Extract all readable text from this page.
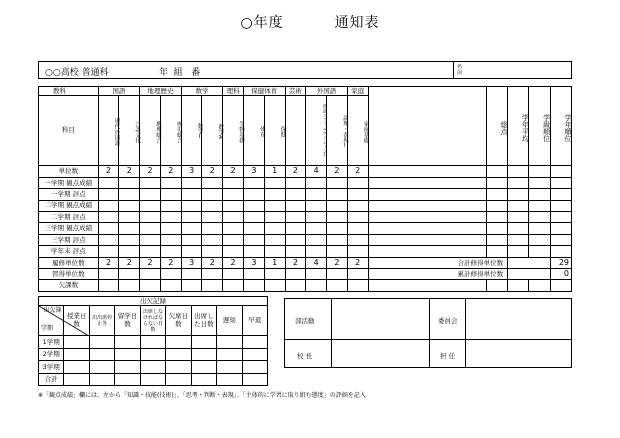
○年度	通知表
○○高校 普通科	年  組   番
名前
教科	国語		地理歴史		数学		理科	保健体育		芸術	外国語		家庭		総点	学年平均	学級順位	学年順位
科目	現代の国語	言語文化	地理総合	歴史総合	数学Ⅰ	数学A	生物基礎	体育	保健		英語コミュニケーションⅠ	論理・表現Ⅰ	家庭基礎					
単位数	2	2	2	2	3	2	2	3	1	2	4	2	2					
一学期 観点成績																		
一学期 評点																		
二学期 観点成績																		
二学期 評点																		
三学期 観点成績																		
三学期 評点																		
学年末 評点																		
履修単位数	2	2	2	2	3	2	2	3	1	2	4	2	2	合計修得単位数				29
習得単位数														累計修得単位数				0
欠課数																		
出欠記録								

出欠簿
学期	授業日数	出出席停止等	留学日数	出席しなければならない日数	欠席日数	出席した日数	遅刻	早退
1学期								
2学期								
3学期								
合計								
部活動	委員会
校 長	担 任
※「観点成績」欄には、左から「知識・技能(技術)」、「思考・判断・表現」、「主体的に学習に取り組む態度」の評価を記入
